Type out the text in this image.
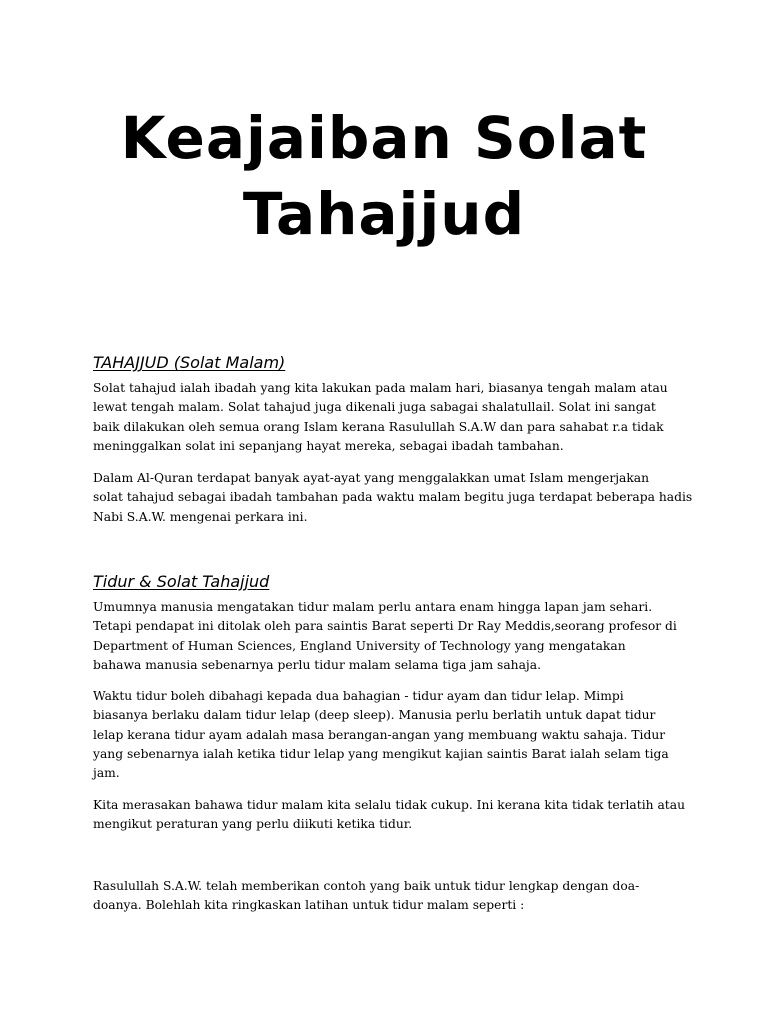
Keajaiban Solat
Tahajjud
TAHAJJUD (Solat Malam)
Solat tahajud ialah ibadah yang kita lakukan pada malam hari, biasanya tengah malam atau
lewat tengah malam. Solat tahajud juga dikenali juga sabagai shalatullail. Solat ini sangat
baik dilakukan oleh semua orang Islam kerana Rasulullah S.A.W dan para sahabat r.a tidak
meninggalkan solat ini sepanjang hayat mereka, sebagai ibadah tambahan.
Dalam Al-Quran terdapat banyak ayat-ayat yang menggalakkan umat Islam mengerjakan
solat tahajud sebagai ibadah tambahan pada waktu malam begitu juga terdapat beberapa hadis
Nabi S.A.W. mengenai perkara ini.
Tidur & Solat Tahajjud
Umumnya manusia mengatakan tidur malam perlu antara enam hingga lapan jam sehari.
Tetapi pendapat ini ditolak oleh para saintis Barat seperti Dr Ray Meddis,seorang profesor di
Department of Human Sciences, England University of Technology yang mengatakan
bahawa manusia sebenarnya perlu tidur malam selama tiga jam sahaja.
Waktu tidur boleh dibahagi kepada dua bahagian - tidur ayam dan tidur lelap. Mimpi
biasanya berlaku dalam tidur lelap (deep sleep). Manusia perlu berlatih untuk dapat tidur
lelap kerana tidur ayam adalah masa berangan-angan yang membuang waktu sahaja. Tidur
yang sebenarnya ialah ketika tidur lelap yang mengikut kajian saintis Barat ialah selam tiga
jam.
Kita merasakan bahawa tidur malam kita selalu tidak cukup. Ini kerana kita tidak terlatih atau
mengikut peraturan yang perlu diikuti ketika tidur.
Rasulullah S.A.W. telah memberikan contoh yang baik untuk tidur lengkap dengan doa-
doanya. Bolehlah kita ringkaskan latihan untuk tidur malam seperti :
